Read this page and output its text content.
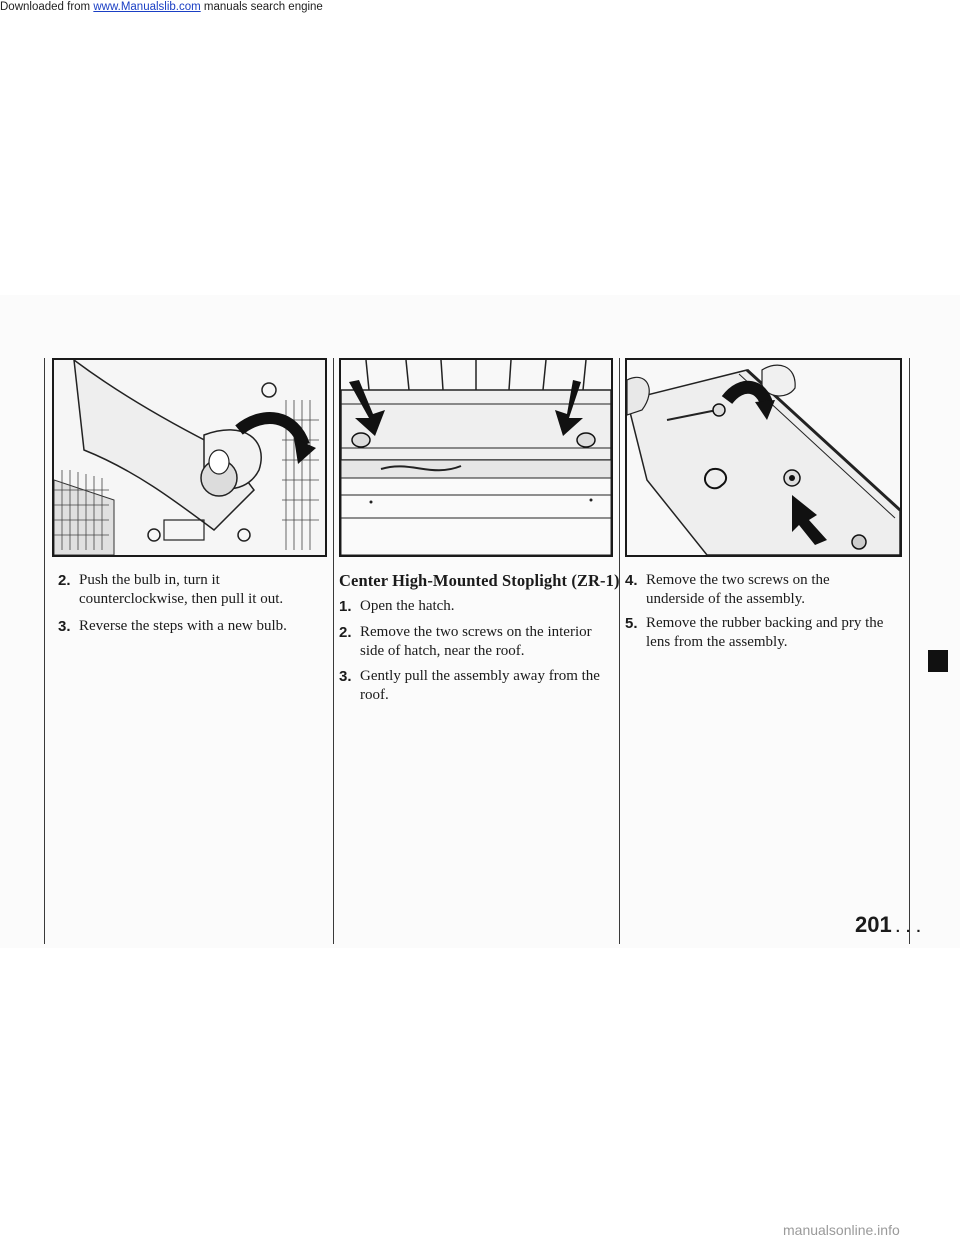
Downloaded from www.Manualslib.com manuals search engine
2. Push the bulb in, turn it counterclockwise, then pull it out.
3. Reverse the steps with a new bulb.
Center High-Mounted Stoplight (ZR-1)
1. Open the hatch.
2. Remove the two screws on the interior side of hatch, near the roof.
3. Gently pull the assembly away from the roof.
4. Remove the two screws on the underside of the assembly.
5. Remove the rubber backing and pry the lens from the assembly.
201 . . .
manualsonline.info
